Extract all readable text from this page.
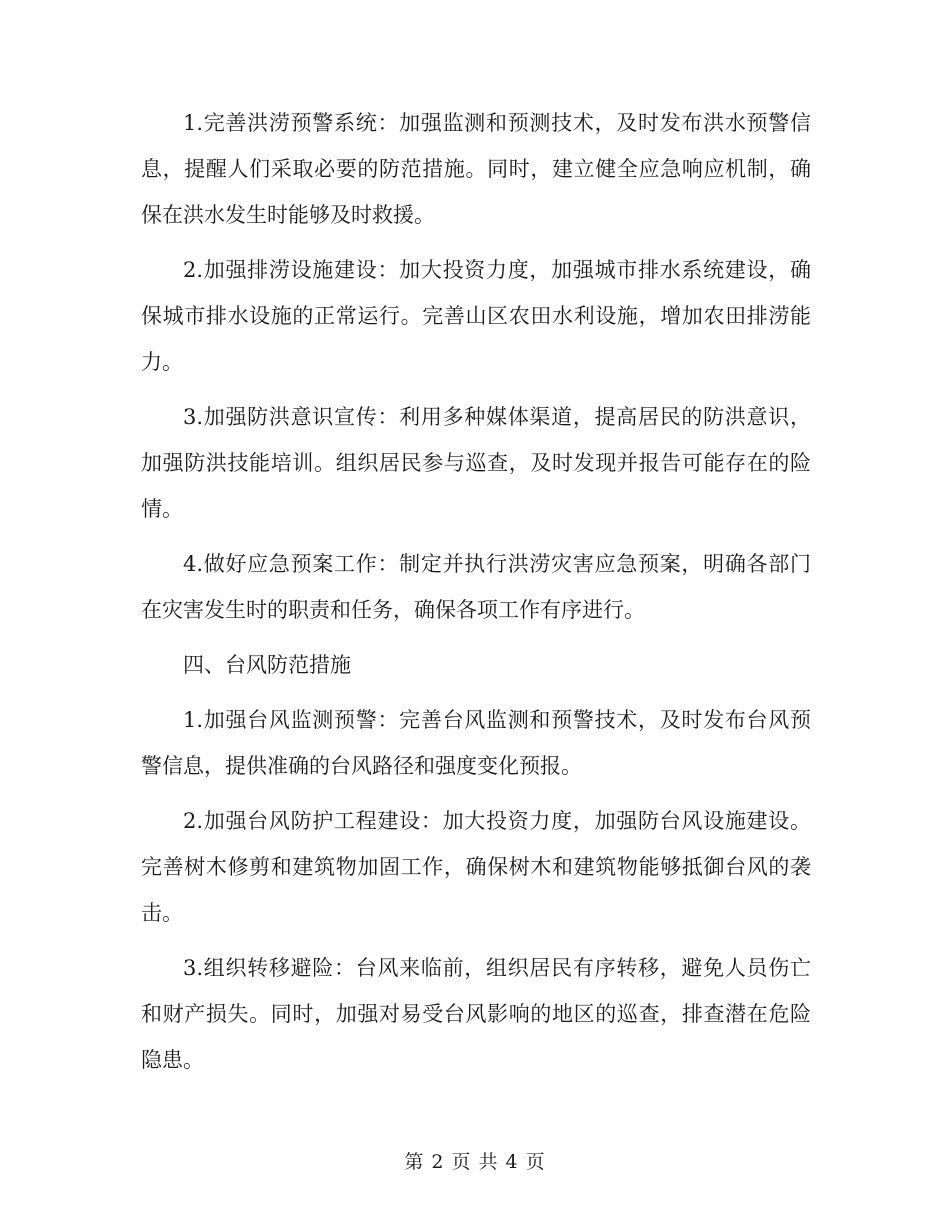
1.完善洪涝预警系统：加强监测和预测技术，及时发布洪水预警信息，提醒人们采取必要的防范措施。同时，建立健全应急响应机制，确保在洪水发生时能够及时救援。

2.加强排涝设施建设：加大投资力度，加强城市排水系统建设，确保城市排水设施的正常运行。完善山区农田水利设施，增加农田排涝能力。

3.加强防洪意识宣传：利用多种媒体渠道，提高居民的防洪意识，加强防洪技能培训。组织居民参与巡查，及时发现并报告可能存在的险情。

4.做好应急预案工作：制定并执行洪涝灾害应急预案，明确各部门在灾害发生时的职责和任务，确保各项工作有序进行。

四、台风防范措施

1.加强台风监测预警：完善台风监测和预警技术，及时发布台风预警信息，提供准确的台风路径和强度变化预报。

2.加强台风防护工程建设：加大投资力度，加强防台风设施建设。完善树木修剪和建筑物加固工作，确保树木和建筑物能够抵御台风的袭击。

3.组织转移避险：台风来临前，组织居民有序转移，避免人员伤亡和财产损失。同时，加强对易受台风影响的地区的巡查，排查潜在危险隐患。

第 2 页 共 4 页
